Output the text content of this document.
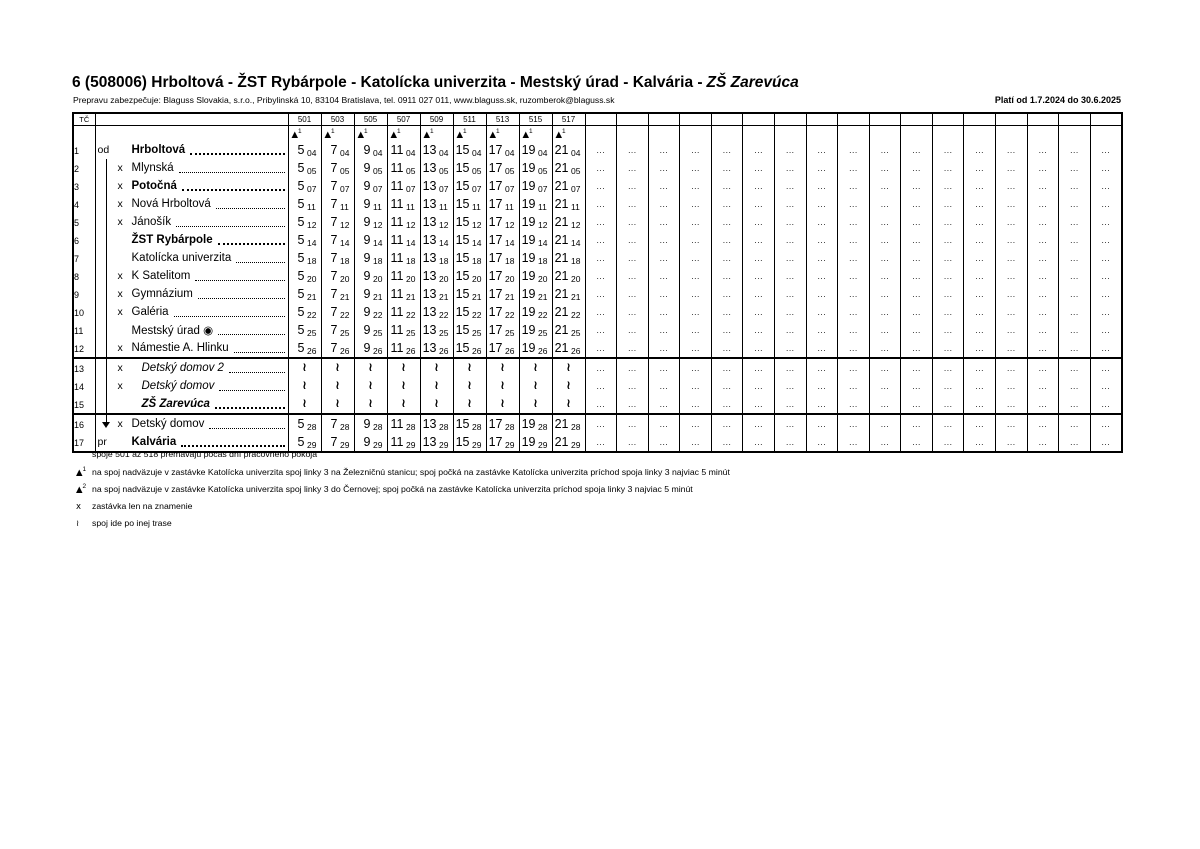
6 (508006) Hrboltová - ŽST Rybárpole - Katolícka univerzita - Mestský úrad - Kalvária - ZŠ Zarevúca
Prepravu zabezpečuje: Blaguss Slovakia, s.r.o., Pribylinská 10, 83104 Bratislava, tel. 0911 027 011, www.blaguss.sk, ruzomberok@blaguss.sk	Platí od 1.7.2024 do 30.6.2025
TČ		501	503	505	507	509	511	513	515	517																	

		▲$^1$	▲$^1$	▲$^1$	▲$^1$	▲$^1$	▲$^1$	▲$^1$	▲$^1$	▲$^1$

1	od Hrboltová	5 04	7 04	9 04	11 04	13 04	15 04	17 04	19 04	21 04	...	...	...	...	...	...	...	...	...	...	...	...	...	...	...	...	...

2	x Mlynská	5 05	7 05	9 05	11 05	13 05	15 05	17 05	19 05	21 05	...	...	...	...	...	...	...	...	...	...	...	...	...	...	...	...	...

3	x Potočná	5 07	7 07	9 07	11 07	13 07	15 07	17 07	19 07	21 07	...	...	...	...	...	...	...	...	...	...	...	...	...	...	...	...	...

4	x Nová Hrboltová	5 11	7 11	9 11	11 11	13 11	15 11	17 11	19 11	21 11	...	...	...	...	...	...	...	...	...	...	...	...	...	...	...	...	...

5	x Jánošík	5 12	7 12	9 12	11 12	13 12	15 12	17 12	19 12	21 12	...	...	...	...	...	...	...	...	...	...	...	...	...	...	...	...	...

6	ŽST Rybárpole	5 14	7 14	9 14	11 14	13 14	15 14	17 14	19 14	21 14	...	...	...	...	...	...	...	...	...	...	...	...	...	...	...	...	...

7	Katolícka univerzita	5 18	7 18	9 18	11 18	13 18	15 18	17 18	19 18	21 18	...	...	...	...	...	...	...	...	...	...	...	...	...	...	...	...	...

8	x K Satelitom	5 20	7 20	9 20	11 20	13 20	15 20	17 20	19 20	21 20	...	...	...	...	...	...	...	...	...	...	...	...	...	...	...	...	...

9	x Gymnázium	5 21	7 21	9 21	11 21	13 21	15 21	17 21	19 21	21 21	...	...	...	...	...	...	...	...	...	...	...	...	...	...	...	...	...

10	x Galéria	5 22	7 22	9 22	11 22	13 22	15 22	17 22	19 22	21 22	...	...	...	...	...	...	...	...	...	...	...	...	...	...	...	...	...

11	Mestský úrad ◉	5 25	7 25	9 25	11 25	13 25	15 25	17 25	19 25	21 25	...	...	...	...	...	...	...	...	...	...	...	...	...	...	...	...	...

12	x Námestie A. Hlinku	5 26	7 26	9 26	11 26	13 26	15 26	17 26	19 26	21 26	...	...	...	...	...	...	...	...	...	...	...	...	...	...	...	...	...

13	x Detský domov 2	≀	≀	≀	≀	≀	≀	≀	≀	≀	...	...	...	...	...	...	...	...	...	...	...	...	...	...	...	...	...

14	x Detský domov	≀	≀	≀	≀	≀	≀	≀	≀	≀	...	...	...	...	...	...	...	...	...	...	...	...	...	...	...	...	...

15	ZŠ Zarevúca	≀	≀	≀	≀	≀	≀	≀	≀	≀	...	...	...	...	...	...	...	...	...	...	...	...	...	...	...	...	...

16	x Detský domov	5 28	7 28	9 28	11 28	13 28	15 28	17 28	19 28	21 28	...	...	...	...	...	...	...	...	...	...	...	...	...	...	...	...	...

17	pr Kalvária	5 29	7 29	9 29	11 29	13 29	15 29	17 29	19 29	21 29	...	...	...	...	...	...	...	...	...	...	...	...	...	...	...	...	...
spoje 501 až 518 premávajú počas dní pracovného pokoja
▲$^1$ na spoj nadväzuje v zastávke Katolícka univerzita spoj linky 3 na Železničnú stanicu; spoj počká na zastávke Katolícka univerzita príchod spoja linky 3 najviac 5 minút
▲$^2$ na spoj nadväzuje v zastávke Katolícka univerzita spoj linky 3 do Černovej; spoj počká na zastávke Katolícka univerzita príchod spoja linky 3 najviac 5 minút
x	zastávka len na znamenie
≀	spoj ide po inej trase
